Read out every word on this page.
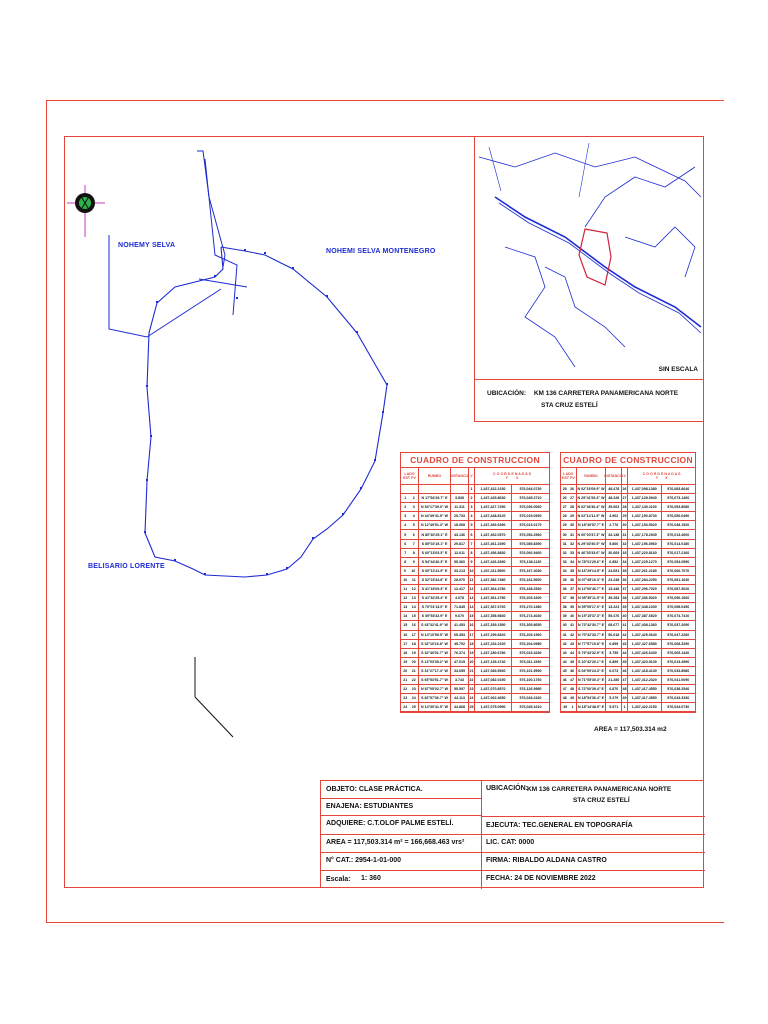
NOHEMY SELVA
NOHEMI SELVA MONTENEGRO
BELISARIO LORENTE
SIN ESCALA
UBICACIÓN: KM 136 CARRETERA PANAMERICANA NORTE
STA CRUZ ESTELÍ
CUADRO DE CONSTRUCCION
LADO
EST PV	RUMBO	DISTANCIA V	C O O R D E N A D A S
Y X
1	1,437,422.2150	576,044.0730
1 2	N 17°54'29.7" E	3.839	2	1,437,425.8630	576,045.2710
2 3	N 54°17'39.0" W	11.311	3	1,437,427.7250	576,036.0060
3 4	N 44°49'41.9" W	29.733	4	1,437,448.8120	576,015.0930
4 5	N 12°49'51.3" W	18.068	5	1,437,466.6390	576,013.0170
5 6	N 80°40'25.1" E	43.136	6	1,437,462.0570	576,054.2560
6 7	S 85°02'19.1" E	29.817	7	1,437,461.2390	576,085.8390
7 8	S 60°13'03.3" E	12.611	8	1,437,456.8830	576,092.9460
8 9	S 54°44'40.3" E	55.360	9	1,437,426.3390	576,138.1130
9 10	S 60°12'41.9" E	33.213	10	1,437,411.5500	576,167.4030
10 11	S 02°23'34.8" E	28.970	11	1,437,382.7480	576,161.5600
11 12	S 41°43'09.3" E	12.417	12	1,437,364.4780	576,168.2530
12 13	S 41°32'25.4" E	4.078	13	1,437,361.2780	576,203.1600
13 14	S 70°01'13.0" E	71.845	14	1,437,367.6760	576,270.1380
14 15	S 39°53'32.9" E	9.670	15	1,437,358.9830	576,274.4040
15 16	S 43°32'41.9" W	41.453	16	1,437,339.1550	576,305.8650
16 17	N 14°10'59.5" W	65.353	17	1,437,299.8320	576,203.1960
17 18	S 32°10'16.8" W	45.702	18	1,437,232.2100	576,204.0980
18 19	S 32°40'01.7" W	76.374	19	1,437,180.6780	576,023.3230
19 20	S 13°03'39.2" W	47.015	20	1,437,135.4740	576,011.1530
20 21	S 31°27'17.4" W	34.655	21	1,437,083.5930	576,101.9590
21 22	S 65°53'51.7" W	3.743	22	1,437,082.0150	576,100.1760
22 23	N 87°05'02.7" W	55.597	23	1,437,070.8570	576,126.9980
23 24	S 82°57'36.7" W	44.113	24	1,437,062.4650	576,043.4160
24 25	N 14°30'41.5" W	44.868	25	1,437,075.0990	576,045.1610
CUADRO DE CONSTRUCCION
LADO
EST PV	RUMBO	DISTANCIA V	C O O R D E N A D A S
Y X
25 26 N 02°16'09.9" W	48.478 26	1,437,098.1380	576,083.8640
26 27 N 29°41'53.3" W	48.228 27	1,437,128.0940	576,073.1400
27 28 N 02°46'46.4" W	35.663 28	1,437,140.1100	576,053.8080
28 29 N 02°14'11.9" W	4.902	29	1,437,150.8730	576,050.0490
29 30	N 18°40'57.7" E	2.776	30	1,437,153.5020	576,048.1520
30 31 N 00°20'47.3" W	43.138 31	1,437,178.2940	576,013.4000
31 32 N 29°40'30.5" W	5.860	32	1,437,196.0560	576,014.0180
32 33 N 46°33'33.6" W	30.669 33	1,437,220.8160	576,017.2160
33 34	N 78°01'29.6" E	6.852	34	1,437,225.1270	576,054.0590
34 35	N 16°29'14.5" E	24.651 35	1,437,261.2180	576,066.7070
35 36	N 07°45'10.3" E	23.248 36	1,437,284.2250	576,081.1640
36 37	N 12°00'46.7" E	13.448 37	1,437,296.7020	576,087.3020
37 38	N 05°35'11.5" E	39.283 38	1,437,336.5320	576,096.1660
38 39	N 05°05'17.0" E	13.223 39	1,437,348.1030	576,098.0450
39 40	N 15°15'37.3" E	55.476 40	1,437,387.6520	576,074.7410
40 41	N 73°42'30.7" E	68.677 41	1,437,408.1360	576,037.2090
41 42	N 70°32'33.7" E	56.618 42	1,437,425.0640	576,047.2260
42 43	N 77°57'10.8" E	6.899	43	1,437,427.6580	576,068.3290
43 44	S 79°43'32.9" E	3.755	44	1,437,426.6430	576,065.1420
44 45	S 10°42'20.1" E	6.899	45	1,437,423.9130	576,013.4590
45 46	S 04°09'24.3" E	6.073	46	1,437,418.4130	576,033.8980
46 47	N 71°05'30.3" E	21.280 47	1,437,412.2320	576,041.0090
47 48	S 72°00'39.4" E	6.870	48	1,437,417.4550	576,038.2540
48 49	N 18°54'36.4" E	5.279	49	1,437,417.4550	576,043.3330
49 1	N 18°14'48.9" E	5.571	1	1,437,422.2150	576,044.0730
AREA = 117,503.314 m2
OBJETO: CLASE PRÁCTICA.
ENAJENA: ESTUDIANTES
ADQUIERE: C.T.OLOF PALME ESTELÍ.
AREA = 117,503.314 m² = 166,668.463 vrs²
N° CAT.: 2954-1-01-000
Escala: 1: 360
UBICACIÓN: KM 136 CARRETERA PANAMERICANA NORTE
STA CRUZ ESTELÍ
EJECUTA: TEC.GENERAL EN TOPOGRAFÍA
LIC. CAT: 0000
FIRMA: RIBALDO ALDANA CASTRO
FECHA: 24 DE NOVIEMBRE 2022
